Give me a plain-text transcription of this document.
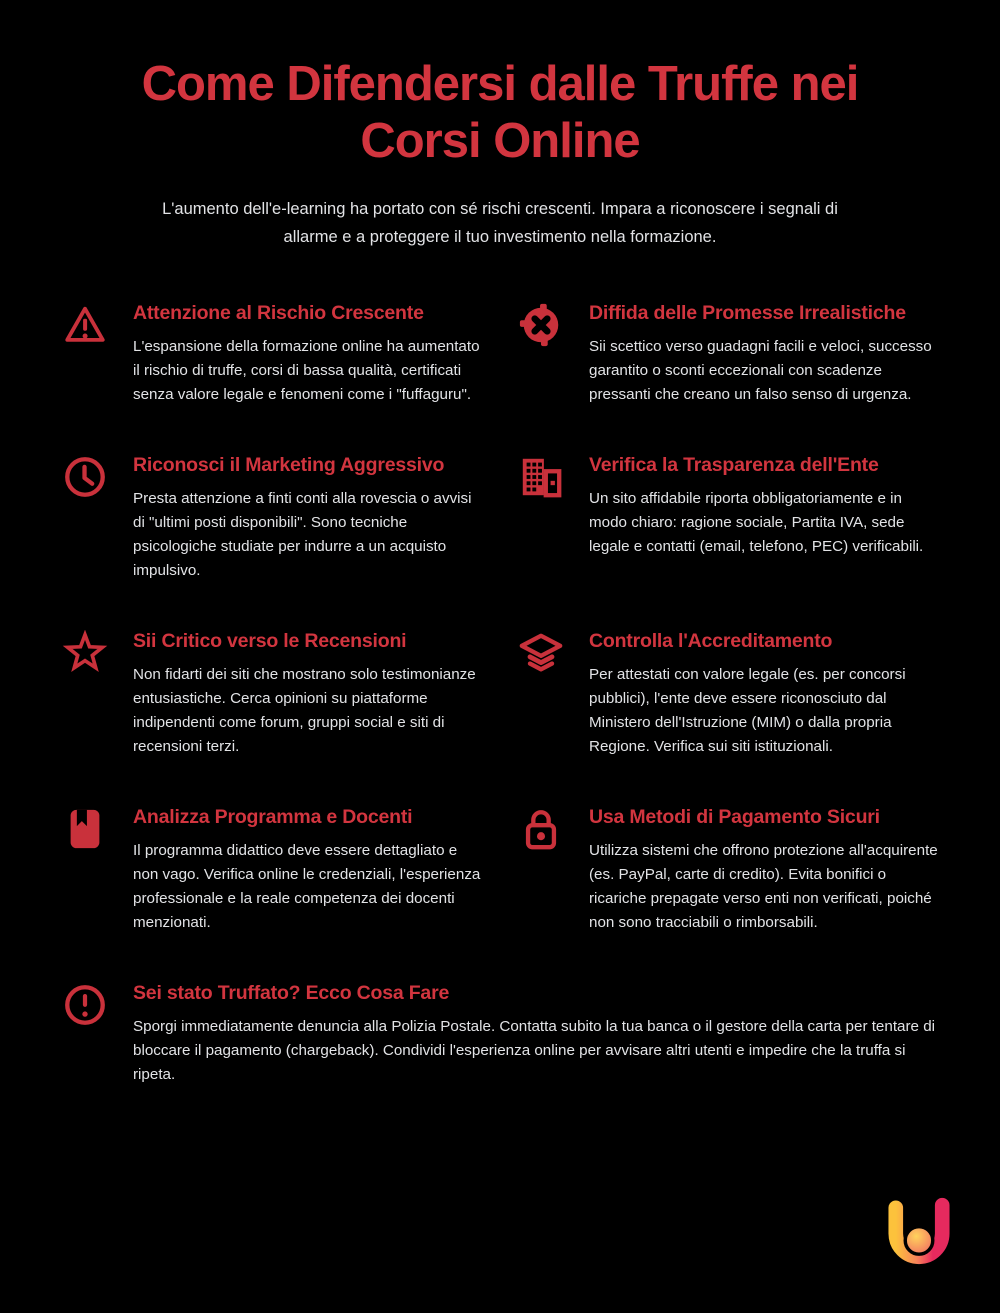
Come Difendersi dalle Truffe nei
Corsi Online

L'aumento dell'e-learning ha portato con sé rischi crescenti. Impara a riconoscere i segnali di allarme e a proteggere il tuo investimento nella formazione.

Attenzione al Rischio Crescente

L'espansione della formazione online ha aumentato il rischio di truffe, corsi di bassa qualità, certificati senza valore legale e fenomeni come i "fuffaguru".

Diffida delle Promesse Irrealistiche

Sii scettico verso guadagni facili e veloci, successo garantito o sconti eccezionali con scadenze pressanti che creano un falso senso di urgenza.

Riconosci il Marketing Aggressivo

Presta attenzione a finti conti alla rovescia o avvisi di "ultimi posti disponibili". Sono tecniche psicologiche studiate per indurre a un acquisto impulsivo.

Verifica la Trasparenza dell'Ente

Un sito affidabile riporta obbligatoriamente e in modo chiaro: ragione sociale, Partita IVA, sede legale e contatti (email, telefono, PEC) verificabili.

Sii Critico verso le Recensioni

Non fidarti dei siti che mostrano solo testimonianze entusiastiche. Cerca opinioni su piattaforme indipendenti come forum, gruppi social e siti di recensioni terzi.

Controlla l'Accreditamento

Per attestati con valore legale (es. per concorsi pubblici), l'ente deve essere riconosciuto dal Ministero dell'Istruzione (MIM) o dalla propria Regione. Verifica sui siti istituzionali.

Analizza Programma e Docenti

Il programma didattico deve essere dettagliato e non vago. Verifica online le credenziali, l'esperienza professionale e la reale competenza dei docenti menzionati.

Usa Metodi di Pagamento Sicuri

Utilizza sistemi che offrono protezione all'acquirente (es. PayPal, carte di credito). Evita bonifici o ricariche prepagate verso enti non verificati, poiché non sono tracciabili o rimborsabili.

Sei stato Truffato? Ecco Cosa Fare

Sporgi immediatamente denuncia alla Polizia Postale. Contatta subito la tua banca o il gestore della carta per tentare di bloccare il pagamento (chargeback). Condividi l'esperienza online per avvisare altri utenti e impedire che la truffa si ripeta.
